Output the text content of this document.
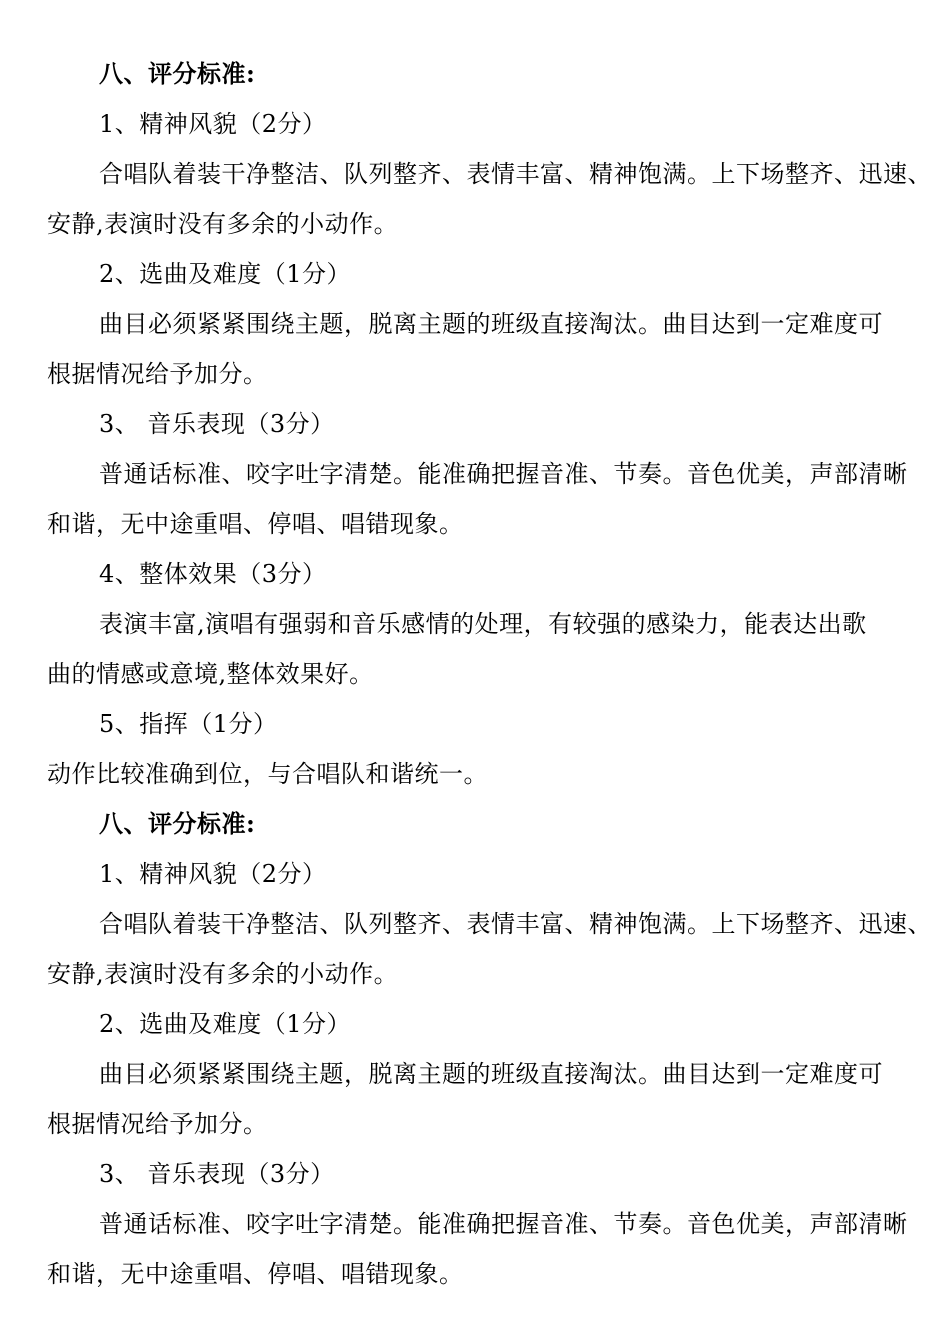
八、评分标准:
1、精神风貌（2分）
合唱队着装干净整洁、队列整齐、表情丰富、精神饱满。上下场整齐、迅速、
安静,表演时没有多余的小动作。
2、选曲及难度（1分）
曲目必须紧紧围绕主题，脱离主题的班级直接淘汰。曲目达到一定难度可
根据情况给予加分。
3、 音乐表现（3分）
普通话标准、咬字吐字清楚。能准确把握音准、节奏。音色优美，声部清晰
和谐，无中途重唱、停唱、唱错现象。
4、整体效果（3分）
表演丰富,演唱有强弱和音乐感情的处理，有较强的感染力，能表达出歌
曲的情感或意境,整体效果好。
5、指挥（1分）
动作比较准确到位，与合唱队和谐统一。
八、评分标准:
1、精神风貌（2分）
合唱队着装干净整洁、队列整齐、表情丰富、精神饱满。上下场整齐、迅速、
安静,表演时没有多余的小动作。
2、选曲及难度（1分）
曲目必须紧紧围绕主题，脱离主题的班级直接淘汰。曲目达到一定难度可
根据情况给予加分。
3、 音乐表现（3分）
普通话标准、咬字吐字清楚。能准确把握音准、节奏。音色优美，声部清晰
和谐，无中途重唱、停唱、唱错现象。
